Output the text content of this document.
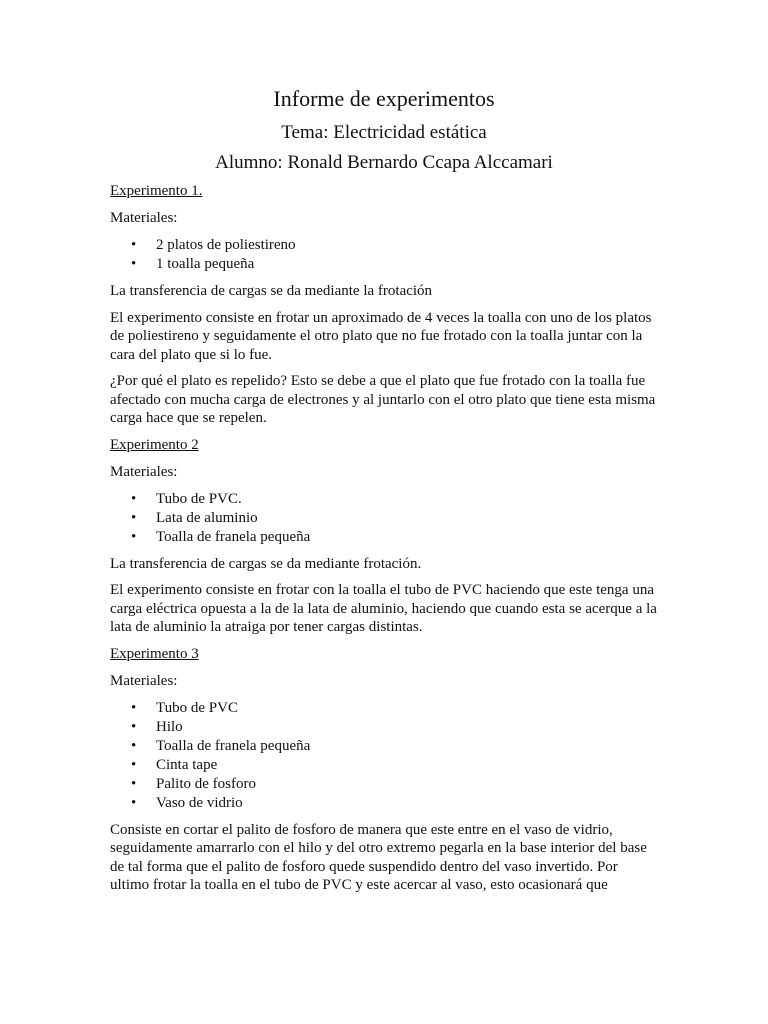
Informe de experimentos
Tema: Electricidad estática
Alumno: Ronald Bernardo Ccapa Alccamari
Experimento 1.
Materiales:
• 2 platos de poliestireno
• 1 toalla pequeña

La transferencia de cargas se da mediante la frotación

El experimento consiste en frotar un aproximado de 4 veces la toalla con uno de los platos de poliestireno y seguidamente el otro plato que no fue frotado con la toalla juntar con la cara del plato que si lo fue.

¿Por qué el plato es repelido? Esto se debe a que el plato que fue frotado con la toalla fue afectado con mucha carga de electrones y al juntarlo con el otro plato que tiene esta misma carga hace que se repelen.

Experimento 2
Materiales:
• Tubo de PVC.
• Lata de aluminio
• Toalla de franela pequeña

La transferencia de cargas se da mediante frotación.

El experimento consiste en frotar con la toalla el tubo de PVC haciendo que este tenga una carga eléctrica opuesta a la de la lata de aluminio, haciendo que cuando esta se acerque a la lata de aluminio la atraiga por tener cargas distintas.

Experimento 3
Materiales:
• Tubo de PVC
• Hilo
• Toalla de franela pequeña
• Cinta tape
• Palito de fosforo
• Vaso de vidrio

Consiste en cortar el palito de fosforo de manera que este entre en el vaso de vidrio, seguidamente amarrarlo con el hilo y del otro extremo pegarla en la base interior del base de tal forma que el palito de fosforo quede suspendido dentro del vaso invertido. Por ultimo frotar la toalla en el tubo de PVC y este acercar al vaso, esto ocasionará que
